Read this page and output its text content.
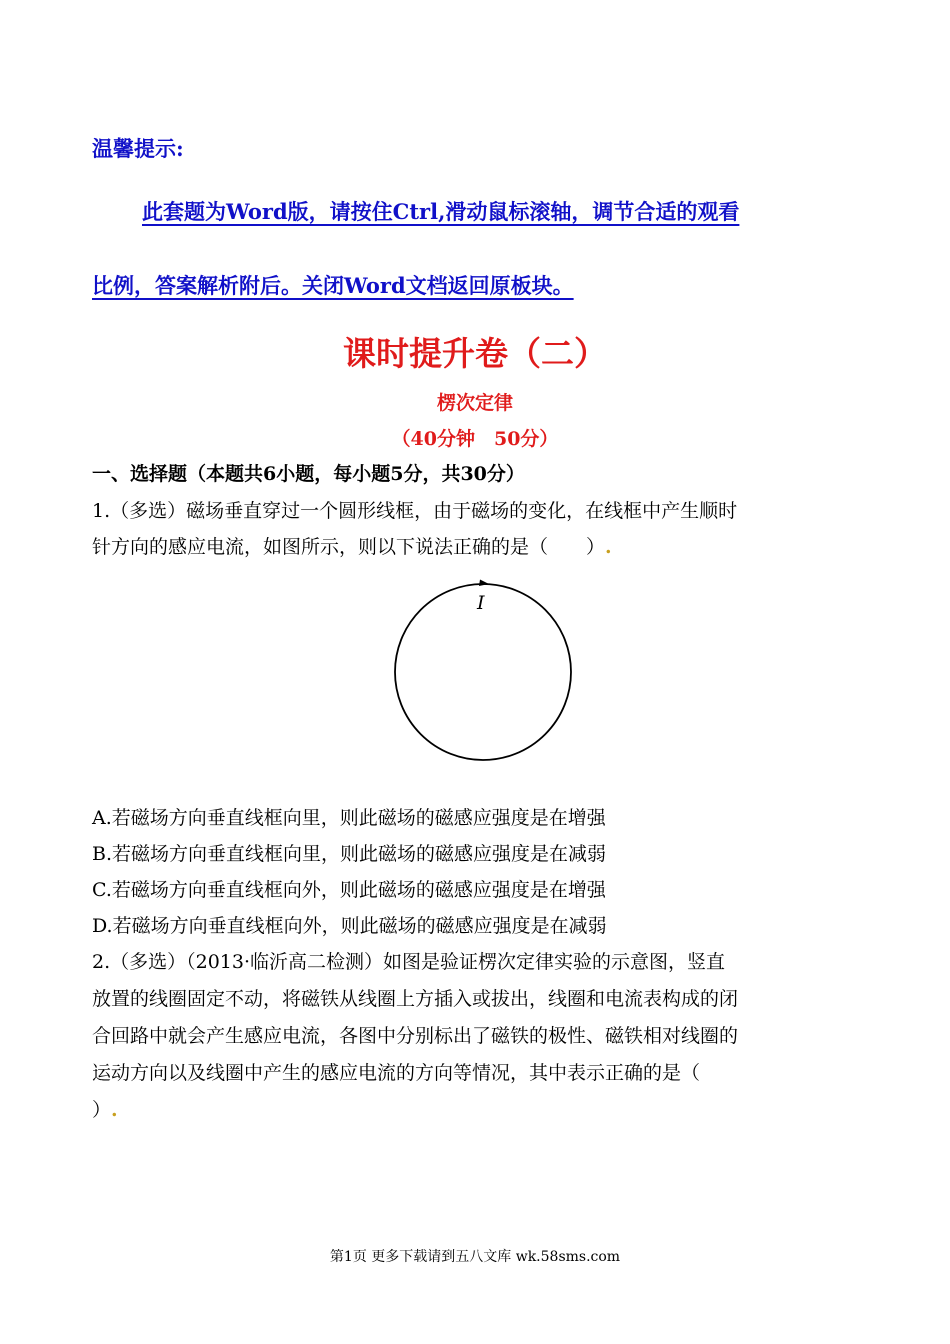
温馨提示:
此套题为Word版，请按住Ctrl,滑动鼠标滚轴，调节合适的观看
比例，答案解析附后。关闭Word文档返回原板块。
课时提升卷（二）
楞次定律
（40分钟　50分）
一、选择题（本题共6小题，每小题5分，共30分）
1.（多选）磁场垂直穿过一个圆形线框，由于磁场的变化，在线框中产生顺时
针方向的感应电流，如图所示，则以下说法正确的是（　　）.
I
A.若磁场方向垂直线框向里，则此磁场的磁感应强度是在增强
B.若磁场方向垂直线框向里，则此磁场的磁感应强度是在减弱
C.若磁场方向垂直线框向外，则此磁场的磁感应强度是在增强
D.若磁场方向垂直线框向外，则此磁场的磁感应强度是在减弱
2.（多选）（2013·临沂高二检测）如图是验证楞次定律实验的示意图，竖直
放置的线圈固定不动，将磁铁从线圈上方插入或拔出，线圈和电流表构成的闭
合回路中就会产生感应电流，各图中分别标出了磁铁的极性、磁铁相对线圈的
运动方向以及线圈中产生的感应电流的方向等情况，其中表示正确的是（
）.
第1页 更多下载请到五八文库 wk.58sms.com
